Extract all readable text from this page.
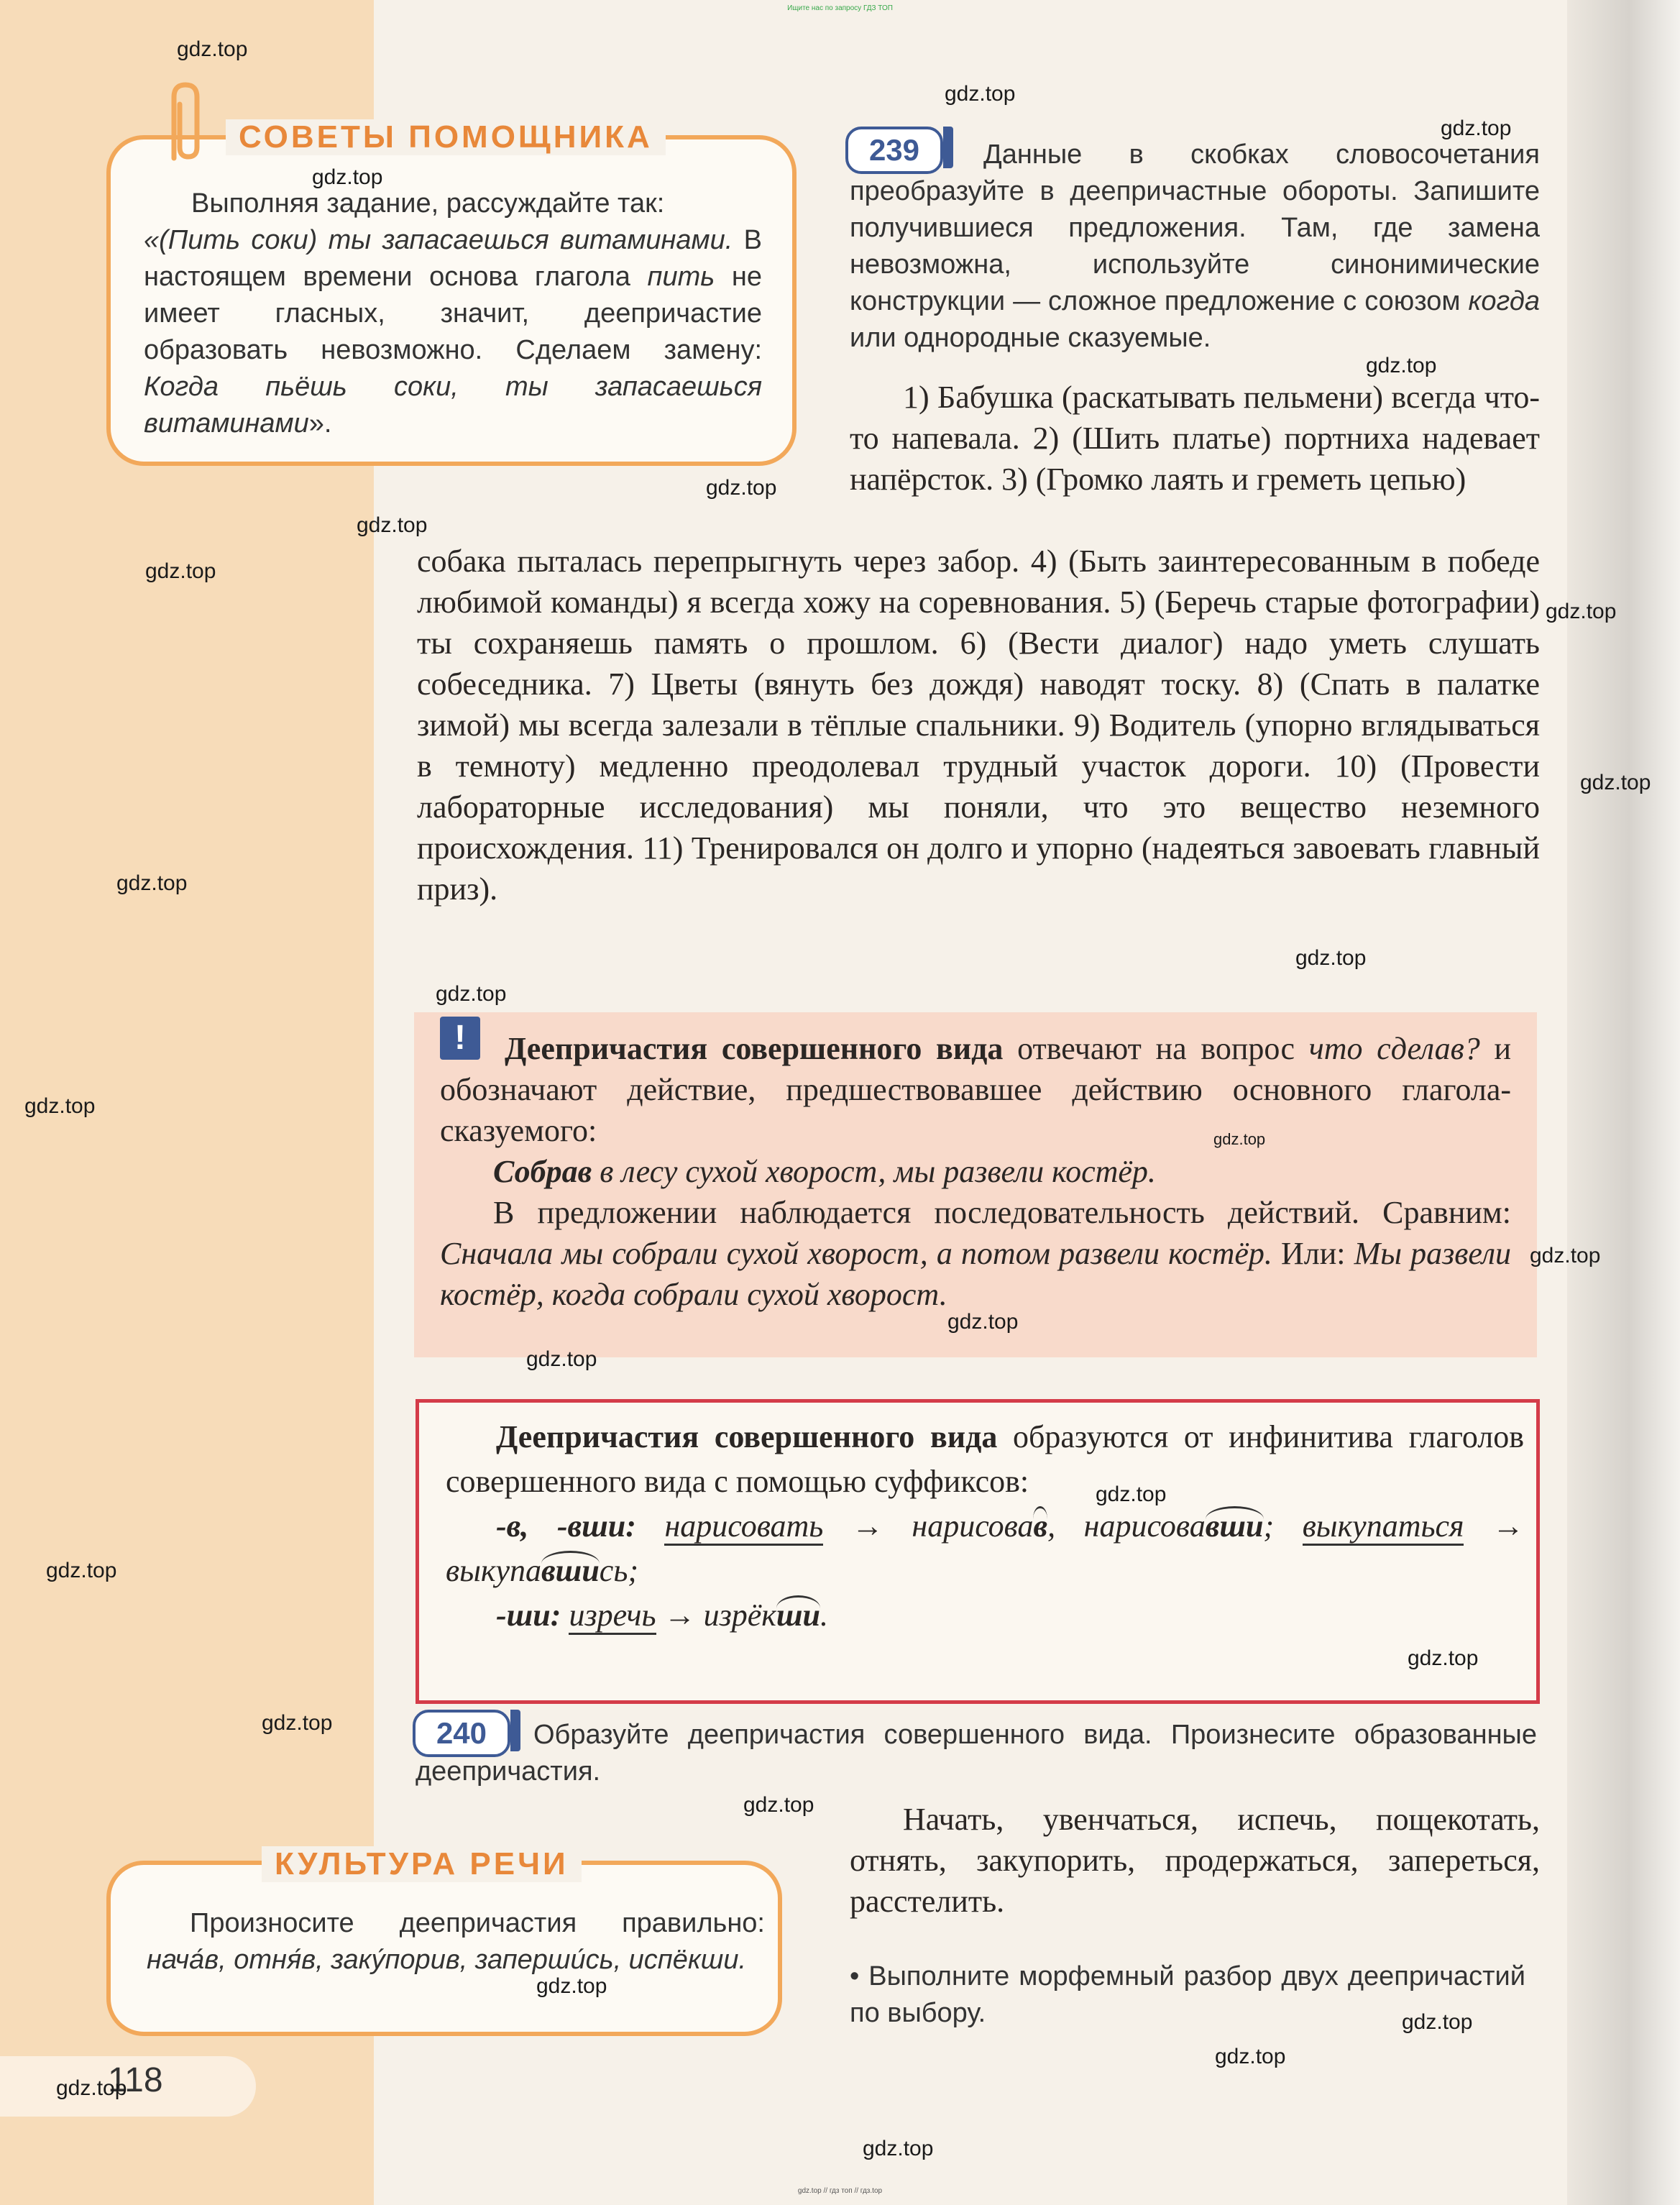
Ищите нас по запросу ГДЗ ТОП
gdz.top // гдз топ // гдз.top
СОВЕТЫ ПОМОЩНИКА
Выполняя задание, рассуждайте так:
«(Пить соки) ты запасаешься витаминами. В настоящем времени основа глагола пить не имеет гласных, значит, деепричастие образовать невозможно. Сделаем замену: Когда пьёшь соки, ты запасаешься витаминами».
239	Данные в скобках словосочетания преобразуйте в деепричастные обороты. Запишите получившиеся предложения. Там, где замена невозможна, используйте синонимические конструкции — сложное предложение с союзом когда или однородные сказуемые.
1) Бабушка (раскатывать пельмени) всегда что-то напевала. 2) (Шить платье) портниха надевает напёрсток. 3) (Громко лаять и греметь цепью)
собака пыталась перепрыгнуть через забор. 4) (Быть заинтересованным в победе любимой команды) я всегда хожу на соревнования. 5) (Беречь старые фотографии) ты сохраняешь память о прошлом. 6) (Вести диалог) надо уметь слушать собеседника. 7) Цветы (вянуть без дождя) наводят тоску. 8) (Спать в палатке зимой) мы всегда залезали в тёплые спальники. 9) Водитель (упорно вглядываться в темноту) медленно преодолевал трудный участок дороги. 10) (Провести лабораторные исследования) мы поняли, что это вещество неземного происхождения. 11) Тренировался он долго и упорно (надеяться завоевать главный приз).
!	Деепричастия совершенного вида отвечают на вопрос что сделав? и обозначают действие, предшествовавшее действию основного глагола-сказуемого:

Собрав в лесу сухой хворост, мы развели костёр.

В предложении наблюдается последовательность действий. Сравним: Сначала мы собрали сухой хворост, а потом развели костёр. Или: Мы развели костёр, когда собрали сухой хворост.

Деепричастия совершенного вида образуются от инфинитива глаголов совершенного вида с помощью суффиксов:

-в, -вши: нарисовать → нарисовав, нарисовавши; выкупаться → выкупавшись;

-ши: изречь → изрёкши.

240	Образуйте деепричастия совершенного вида. Произнесите образованные деепричастия.
Начать, увенчаться, испечь, пощекотать, отнять, закупорить, продержаться, запереться, расстелить.
• Выполните морфемный разбор двух деепричастий по выбору.
КУЛЬТУРА РЕЧИ
Произносите деепричастия правильно: нача́в, отня́в, заку́порив, заперши́сь, испёкши.
118
gdz.top
gdz.top
gdz.top
gdz.top
gdz.top
gdz.top
gdz.top
gdz.top
gdz.top
gdz.top
gdz.top
gdz.top
gdz.top
gdz.top
gdz.top
gdz.top
gdz.top
gdz.top
gdz.top
gdz.top
gdz.top
gdz.top
gdz.top
gdz.top
gdz.top
gdz.top
gdz.top
gdz.top
